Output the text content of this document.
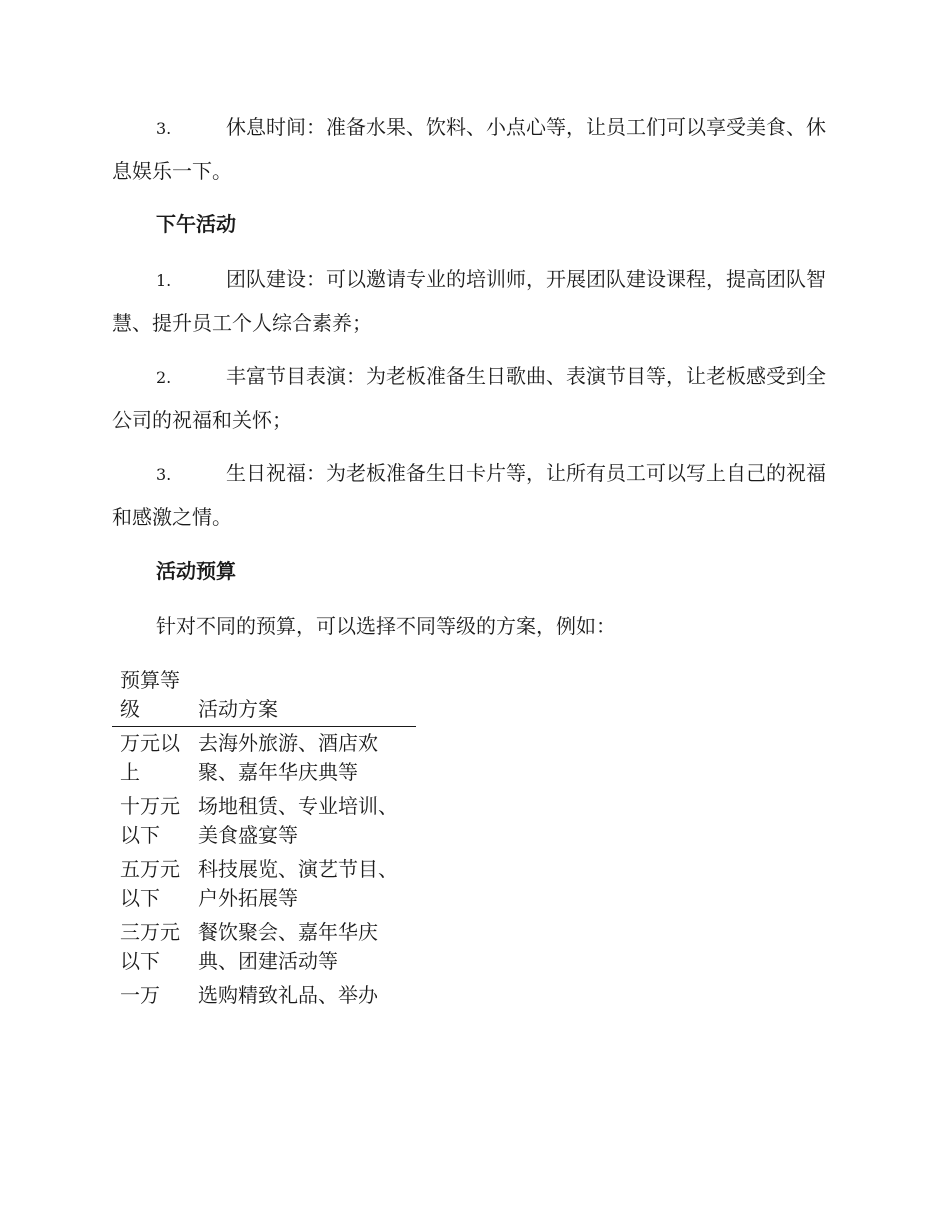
3.	休息时间：准备水果、饮料、小点心等，让员工们可以享受美食、休息娱乐一下。

下午活动

1.	团队建设：可以邀请专业的培训师，开展团队建设课程，提高团队智慧、提升员工个人综合素养；

2.	丰富节目表演：为老板准备生日歌曲、表演节目等，让老板感受到全公司的祝福和关怀；

3.	生日祝福：为老板准备生日卡片等，让所有员工可以写上自己的祝福和感激之情。

活动预算

针对不同的预算，可以选择不同等级的方案，例如：

预算等级	活动方案
万元以上	去海外旅游、酒店欢聚、嘉年华庆典等
十万元以下	场地租赁、专业培训、美食盛宴等
五万元以下	科技展览、演艺节目、户外拓展等
三万元以下	餐饮聚会、嘉年华庆典、团建活动等
一万	选购精致礼品、举办
